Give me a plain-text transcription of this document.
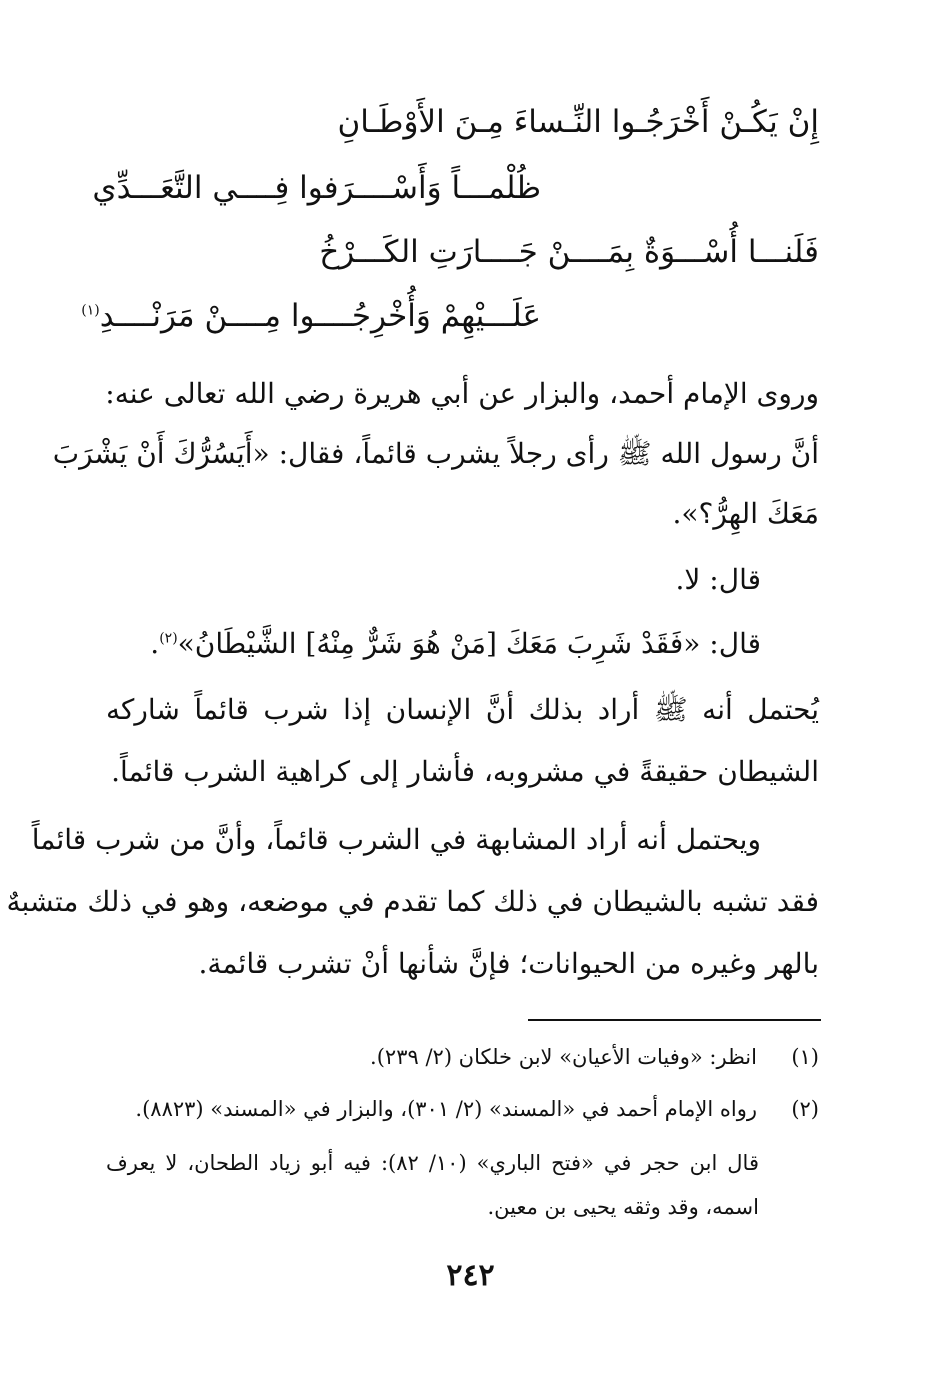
إِنْ يَكُـنْ أَخْرَجُـوا النِّـساءَ مِـنَ الأَوْطَـانِ
ظُلْمـــاً وَأَسْــــرَفوا فِــــي التَّعَـــدِّي
فَلَنـــا أُسْـــوَةٌ بِمَــــنْ جَــــارَتِ الكَـــرْخُ
عَلَـــيْهِمْ وَأُخْرِجُــــوا مِــــنْ مَرَنْــــدِ$^{(١)}$
وروى الإمام أحمد، والبزار عن أبي هريرة رضي الله تعالى عنه:
أنَّ رسول الله ﷺ رأى رجلاً يشرب قائماً، فقال: «أَيَسُرُّكَ أَنْ يَشْرَبَ
مَعَكَ الهِرُّ؟».
قال: لا.
قال: «فَقَدْ شَرِبَ مَعَكَ [مَنْ هُوَ شَرٌّ مِنْهُ] الشَّيْطَانُ»$^{(٢)}$.
يُحتمل أنه ﷺ أراد بذلك أنَّ الإنسان إذا شرب قائماً شاركه
الشيطان حقيقةً في مشروبه، فأشار إلى كراهية الشرب قائماً.
ويحتمل أنه أراد المشابهة في الشرب قائماً، وأنَّ من شرب قائماً
فقد تشبه بالشيطان في ذلك كما تقدم في موضعه، وهو في ذلك متشبهٌ
بالهر وغيره من الحيوانات؛ فإنَّ شأنها أنْ تشرب قائمة.
(١)انظر: «وفيات الأعيان» لابن خلكان (٢/ ٢٣٩).
(٢)رواه الإمام أحمد في «المسند» (٢/ ٣٠١)، والبزار في «المسند» (٨٨٢٣).
قال ابن حجر في «فتح الباري» (١٠/ ٨٢): فيه أبو زياد الطحان، لا يعرف
اسمه، وقد وثقه يحيى بن معين.
٢٤٢
